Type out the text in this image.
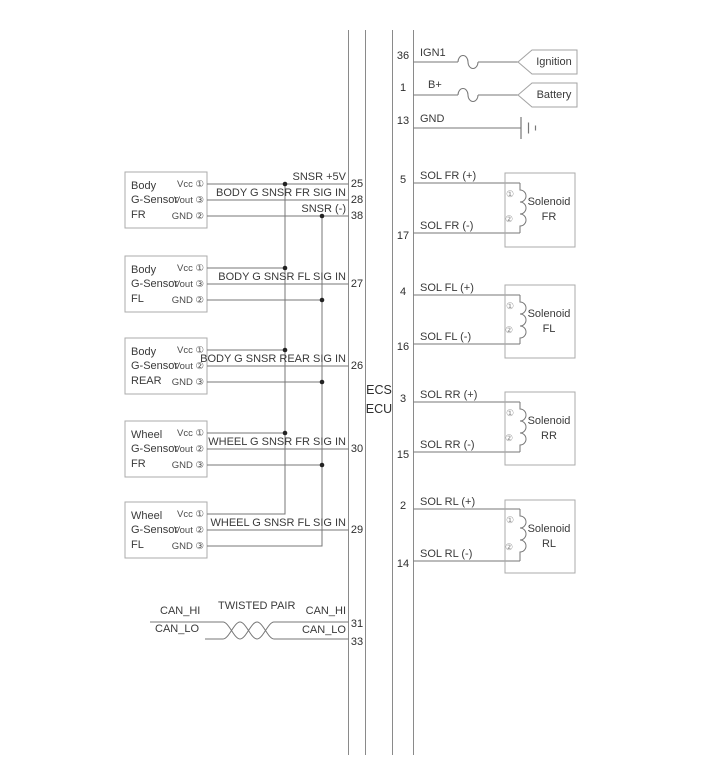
ECS
ECU
IGN1
36	Ignition
B+
1
Battery
GND
13
SNSR +5V
25
BODY G SNSR FR SIG IN
28
SNSR (-)
38
BODY G SNSR FL SIG IN
27
BODY G SNSR REAR SIG IN
26
WHEEL G SNSR FR SIG IN
30
WHEEL G SNSR FL SIG IN
29
Body
G-Sensor
FR
Vcc ①
Vout ③
GND ②
Body
G-Sensor
FL
Vcc ①
Vout ③
GND ②
Body
G-Sensor
REAR
Vcc ①
Vout ②
GND ③
Wheel
G-Sensor
FR
Vcc ①
Vout ②
GND ③
Wheel
G-Sensor
FL
Vcc ①
Vout ②
GND ③
SOL FR (+)
5
SOL FR (-)
17
①
②
Solenoid
FR
SOL FL (+)
4
SOL FL (-)
16
①
②
Solenoid
FL
SOL RR (+)
3
SOL RR (-)
15
①
②
Solenoid
RR
SOL RL (+)
2
SOL RL (-)
14
①
②
Solenoid
RL
CAN_HI
CAN_LO
TWISTED PAIR CAN_HI
CAN_LO 31
33
